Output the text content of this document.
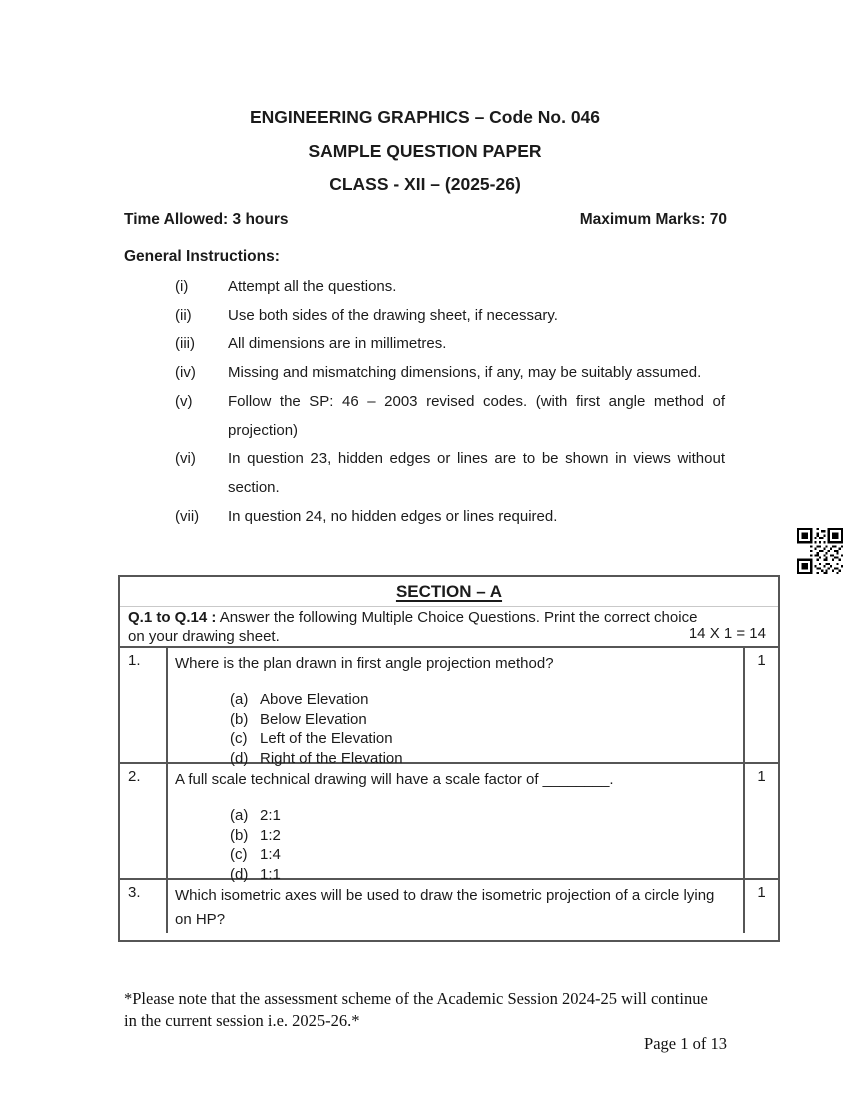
ENGINEERING GRAPHICS – Code No. 046
SAMPLE QUESTION PAPER
CLASS - XII – (2025-26)
Time Allowed: 3 hours	Maximum Marks: 70
General Instructions:
(i)	Attempt all the questions.
(ii)	Use both sides of the drawing sheet, if necessary.
(iii)	All dimensions are in millimetres.
(iv)	Missing and mismatching dimensions, if any, may be suitably assumed.
(v)	Follow the SP: 46 – 2003 revised codes. (with first angle method of projection)
(vi)	In question 23, hidden edges or lines are to be shown in views without section.
(vii)	In question 24, no hidden edges or lines required.
SECTION – A
Q.1 to Q.14 : Answer the following Multiple Choice Questions. Print the correct choice on your drawing sheet.	14 X 1 = 14
1.	Where is the plan drawn in first angle projection method?
(a) Above Elevation
(b) Below Elevation
(c) Left of the Elevation
(d) Right of the Elevation
1
2.	A full scale technical drawing will have a scale factor of ________.
(a) 2:1
(b) 1:2
(c) 1:4
(d) 1:1
1
3.	Which isometric axes will be used to draw the isometric projection of a circle lying on HP?
1
*Please note that the assessment scheme of the Academic Session 2024-25 will continue
in the current session i.e. 2025-26.*
Page 1 of 13
